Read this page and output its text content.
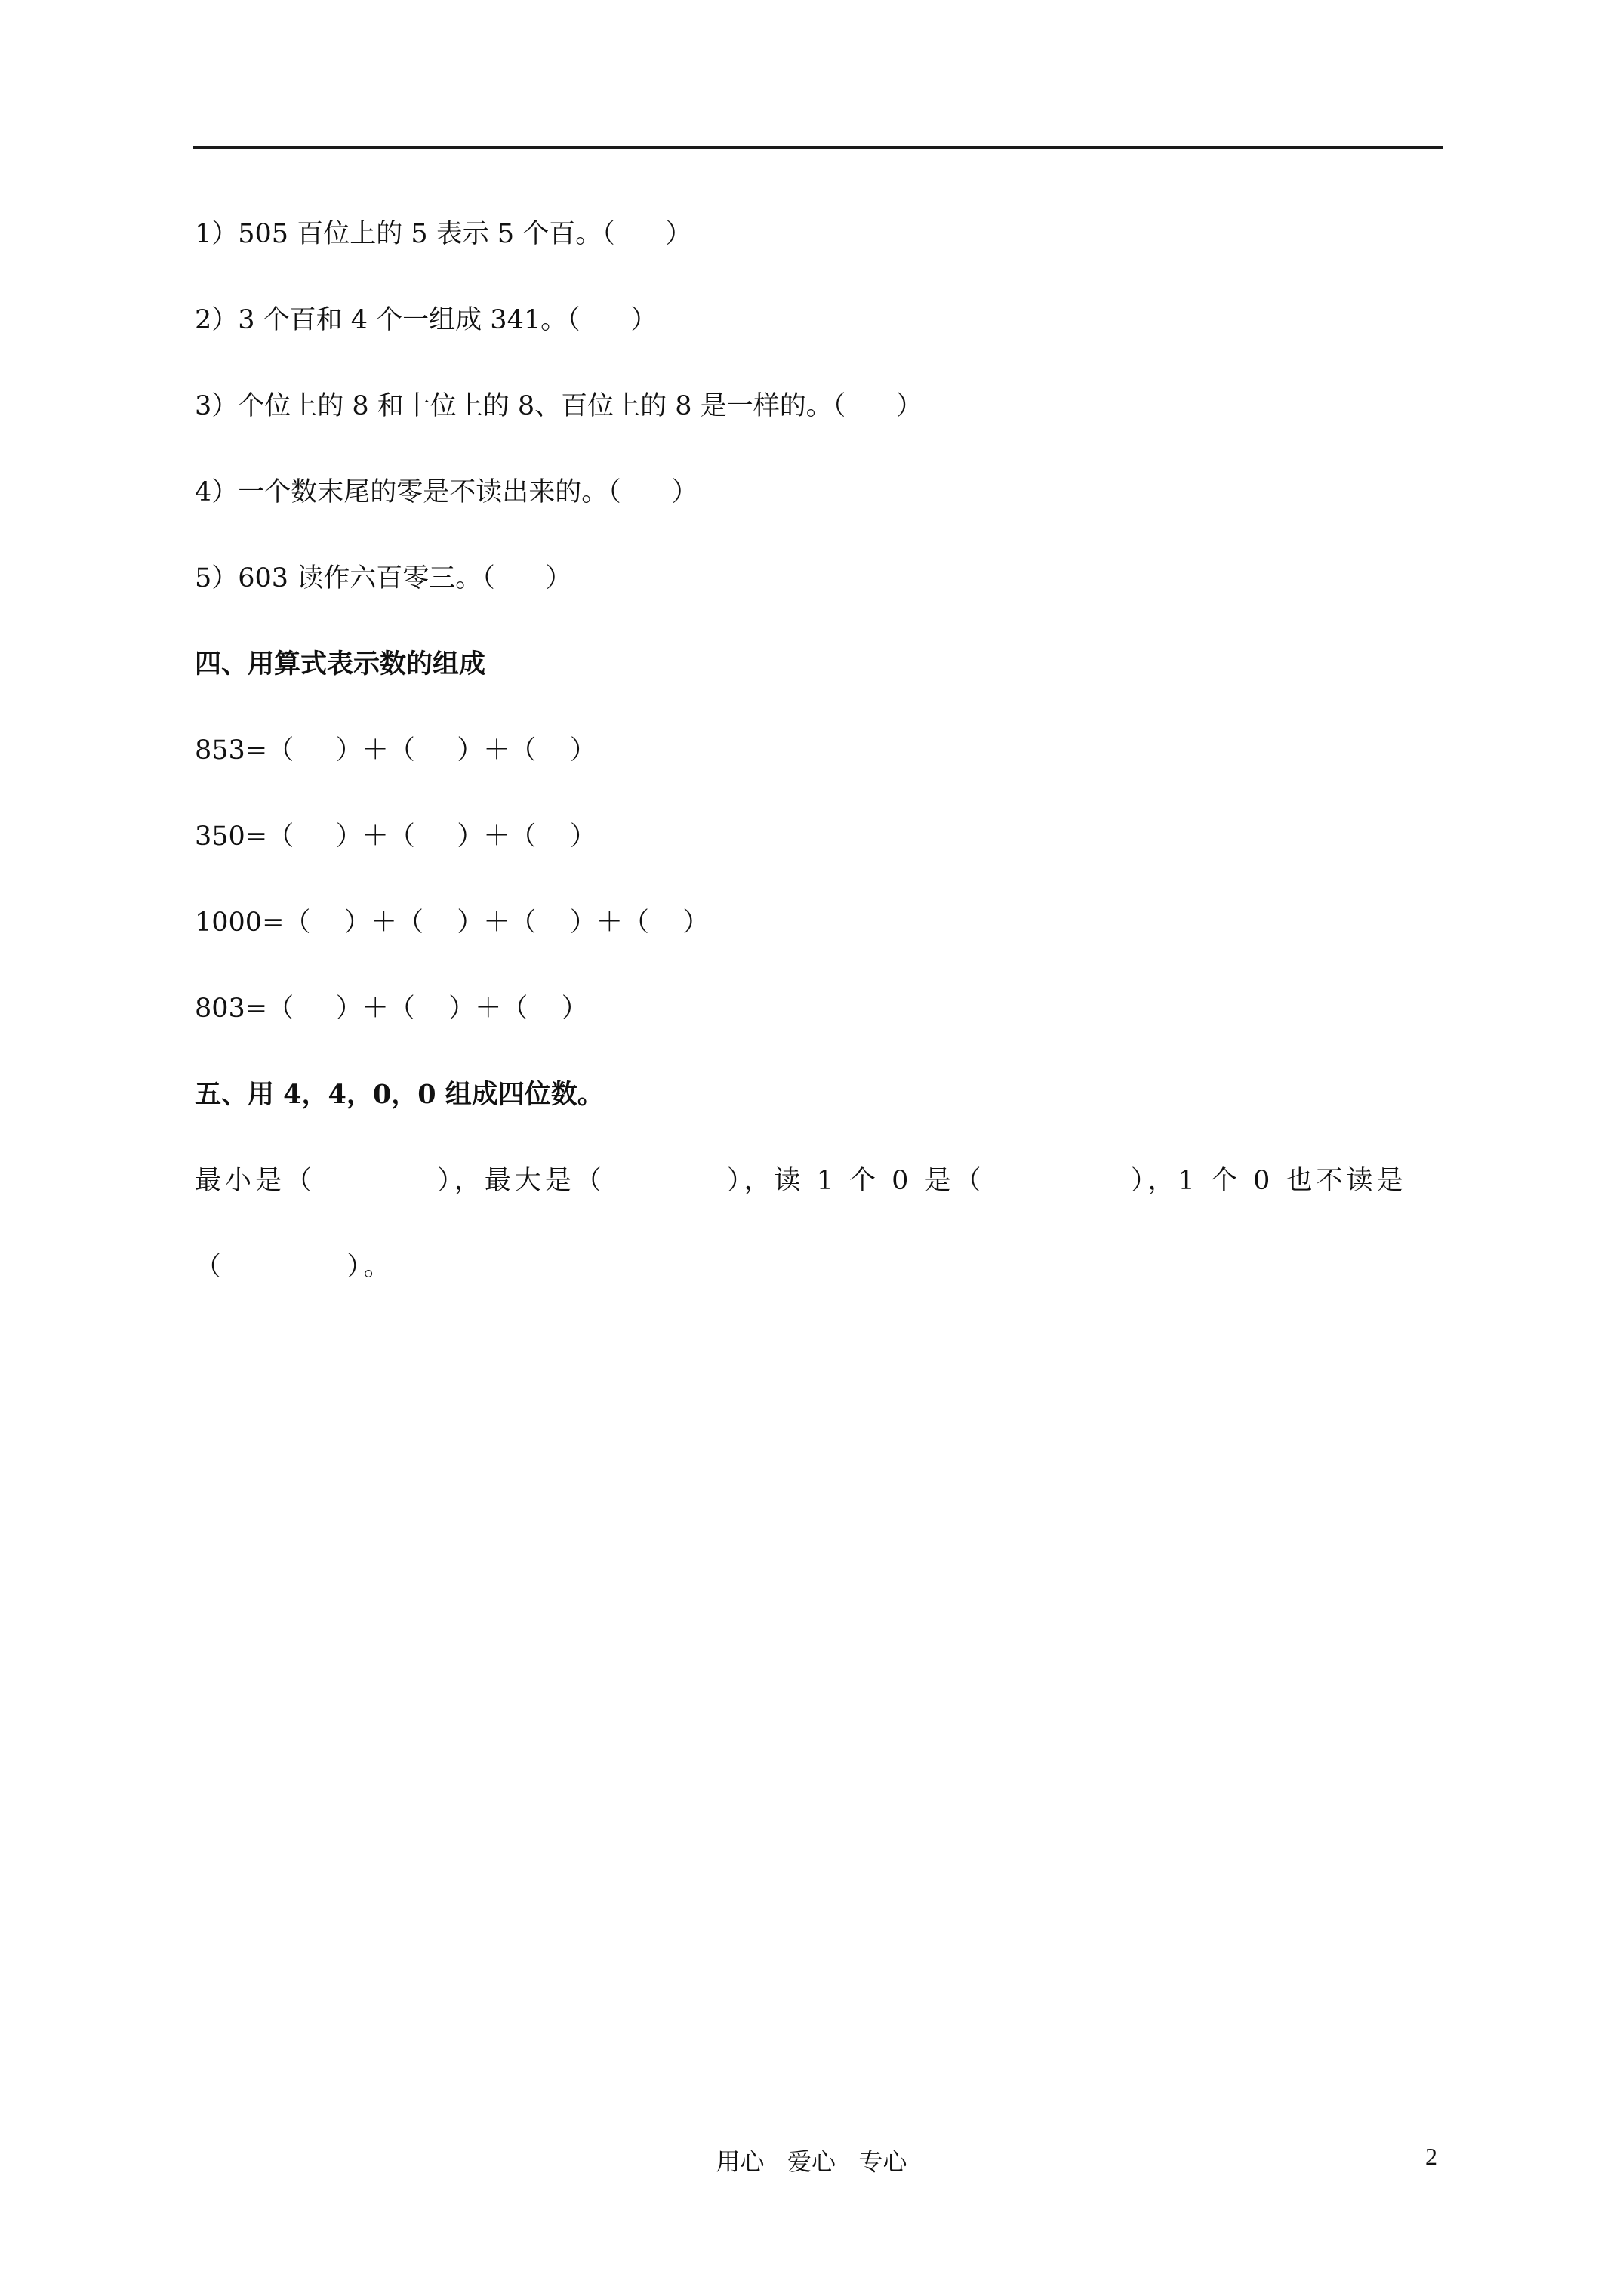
1）505 百位上的 5 表示 5 个百。（      ）
2）3 个百和 4 个一组成 341。（      ）
3）个位上的 8 和十位上的 8、百位上的 8 是一样的。（      ）
4）一个数末尾的零是不读出来的。（      ）
5）603 读作六百零三。（      ）
四、用算式表示数的组成
853=（     ）＋（     ）＋（    ）
350=（     ）＋（     ）＋（    ）
1000=（    ）＋（    ）＋（    ）＋（    ）
803=（     ）＋（    ）＋（    ）
五、用 4，4，0，0 组成四位数。
最小是（          ），最大是（          ），读 1 个 0 是（            ），1 个 0 也不读是
（          ）。
用心   爱心   专心	2
